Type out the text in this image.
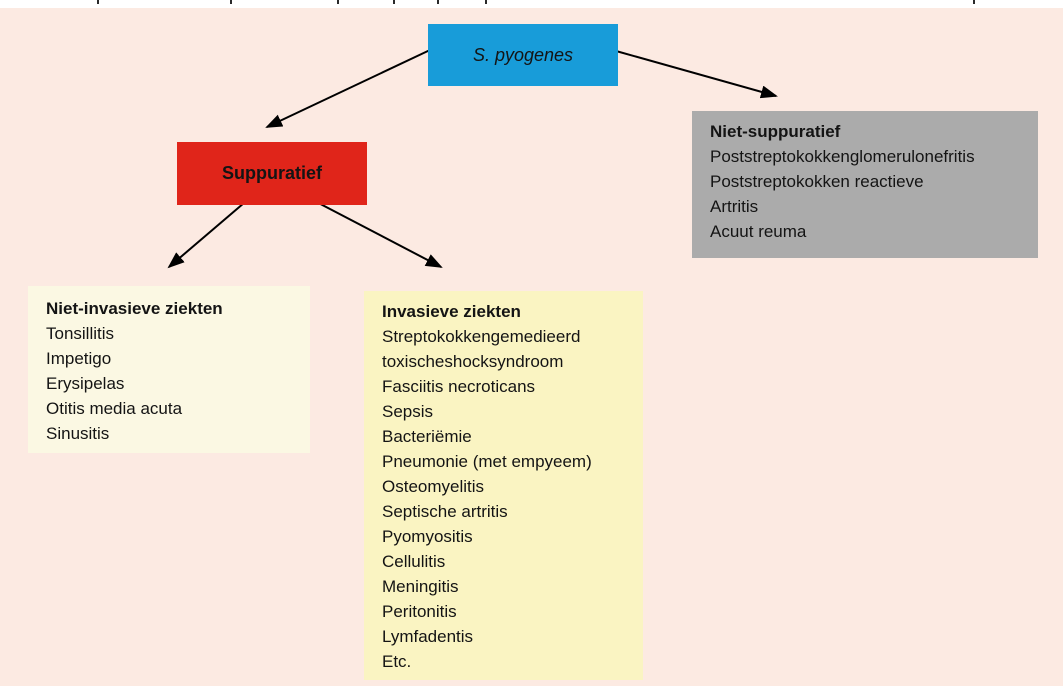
S. pyogenes
Suppuratief
Niet-suppuratief
Poststreptokokkenglomerulonefritis
Poststreptokokken reactieve
Artritis
Acuut reuma
Niet-invasieve ziekten
Tonsillitis
Impetigo
Erysipelas
Otitis media acuta
Sinusitis
Invasieve ziekten
Streptokokkengemedieerd
toxischeshocksyndroom
Fasciitis necroticans
Sepsis
Bacteriëmie
Pneumonie (met empyeem)
Osteomyelitis
Septische artritis
Pyomyositis
Cellulitis
Meningitis
Peritonitis
Lymfadentis
Etc.
